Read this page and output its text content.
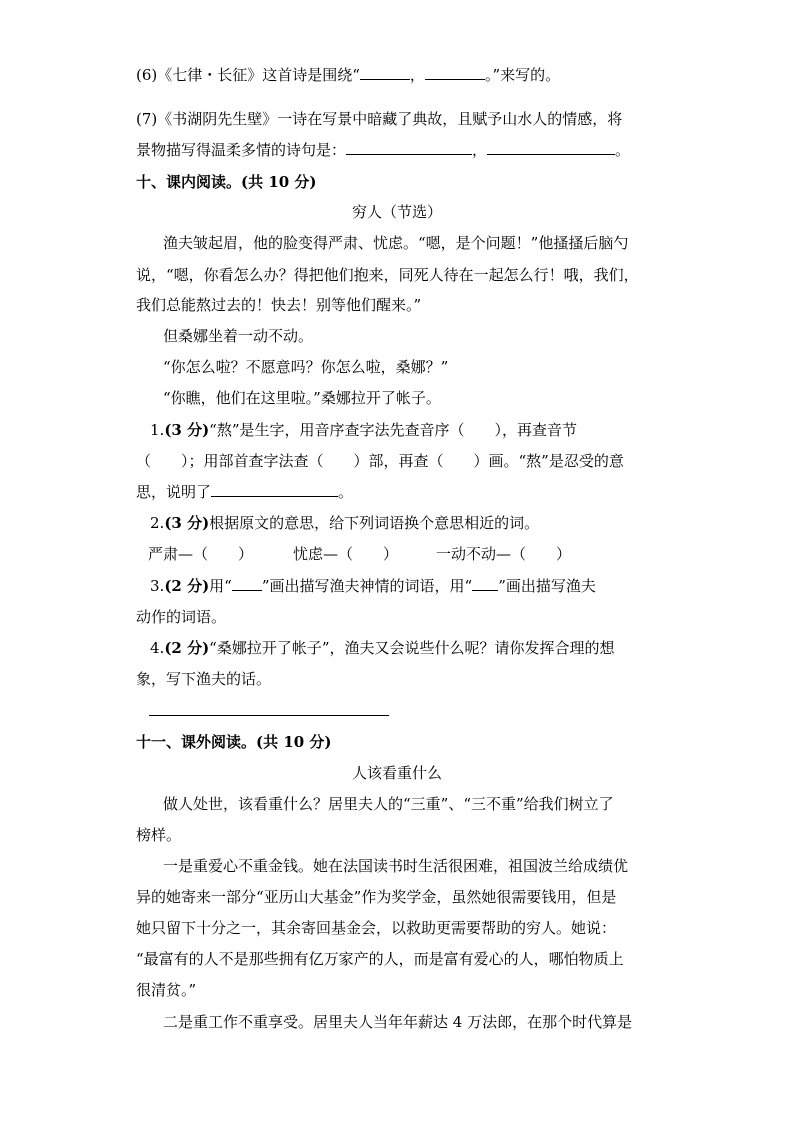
(6)《七律・长征》这首诗是围绕“	，	。”来写的。
(7)《书湖阴先生壁》一诗在写景中暗藏了典故，且赋予山水人的情感，将
景物描写得温柔多情的诗句是：	，	。
十、课内阅读。(共 10 分)
穷人（节选）
渔夫皱起眉，他的脸变得严肃、忧虑。“嗯，是个问题！”他搔搔后脑勺
说，“嗯，你看怎么办？得把他们抱来，同死人待在一起怎么行！哦，我们，
我们总能熬过去的！快去！别等他们醒来。”
但桑娜坐着一动不动。
“你怎么啦？不愿意吗？你怎么啦，桑娜？”
“你瞧，他们在这里啦。”桑娜拉开了帐子。
1.(3 分)“熬”是生字，用音序查字法先查音序（　　），再查音节
（　　）；用部首查字法查（　　）部，再查（　　）画。“熬”是忍受的意
思，说明了	。
2.(3 分)根据原文的意思，给下列词语换个意思相近的词。
严肃—（　　）	忧虑—（　　）	一动不动—（　　）
3.(2 分)用“ ”画出描写渔夫神情的词语，用“ ”画出描写渔夫
动作的词语。
4.(2 分)“桑娜拉开了帐子”，渔夫又会说些什么呢？请你发挥合理的想
象，写下渔夫的话。
十一、课外阅读。(共 10 分)
人该看重什么
做人处世，该看重什么？居里夫人的“三重”、“三不重”给我们树立了
榜样。
一是重爱心不重金钱。她在法国读书时生活很困难，祖国波兰给成绩优
异的她寄来一部分“亚历山大基金”作为奖学金，虽然她很需要钱用，但是
她只留下十分之一，其余寄回基金会，以救助更需要帮助的穷人。她说：
“最富有的人不是那些拥有亿万家产的人，而是富有爱心的人，哪怕物质上
很清贫。”
二是重工作不重享受。居里夫人当年年薪达 4 万法郎，在那个时代算是
